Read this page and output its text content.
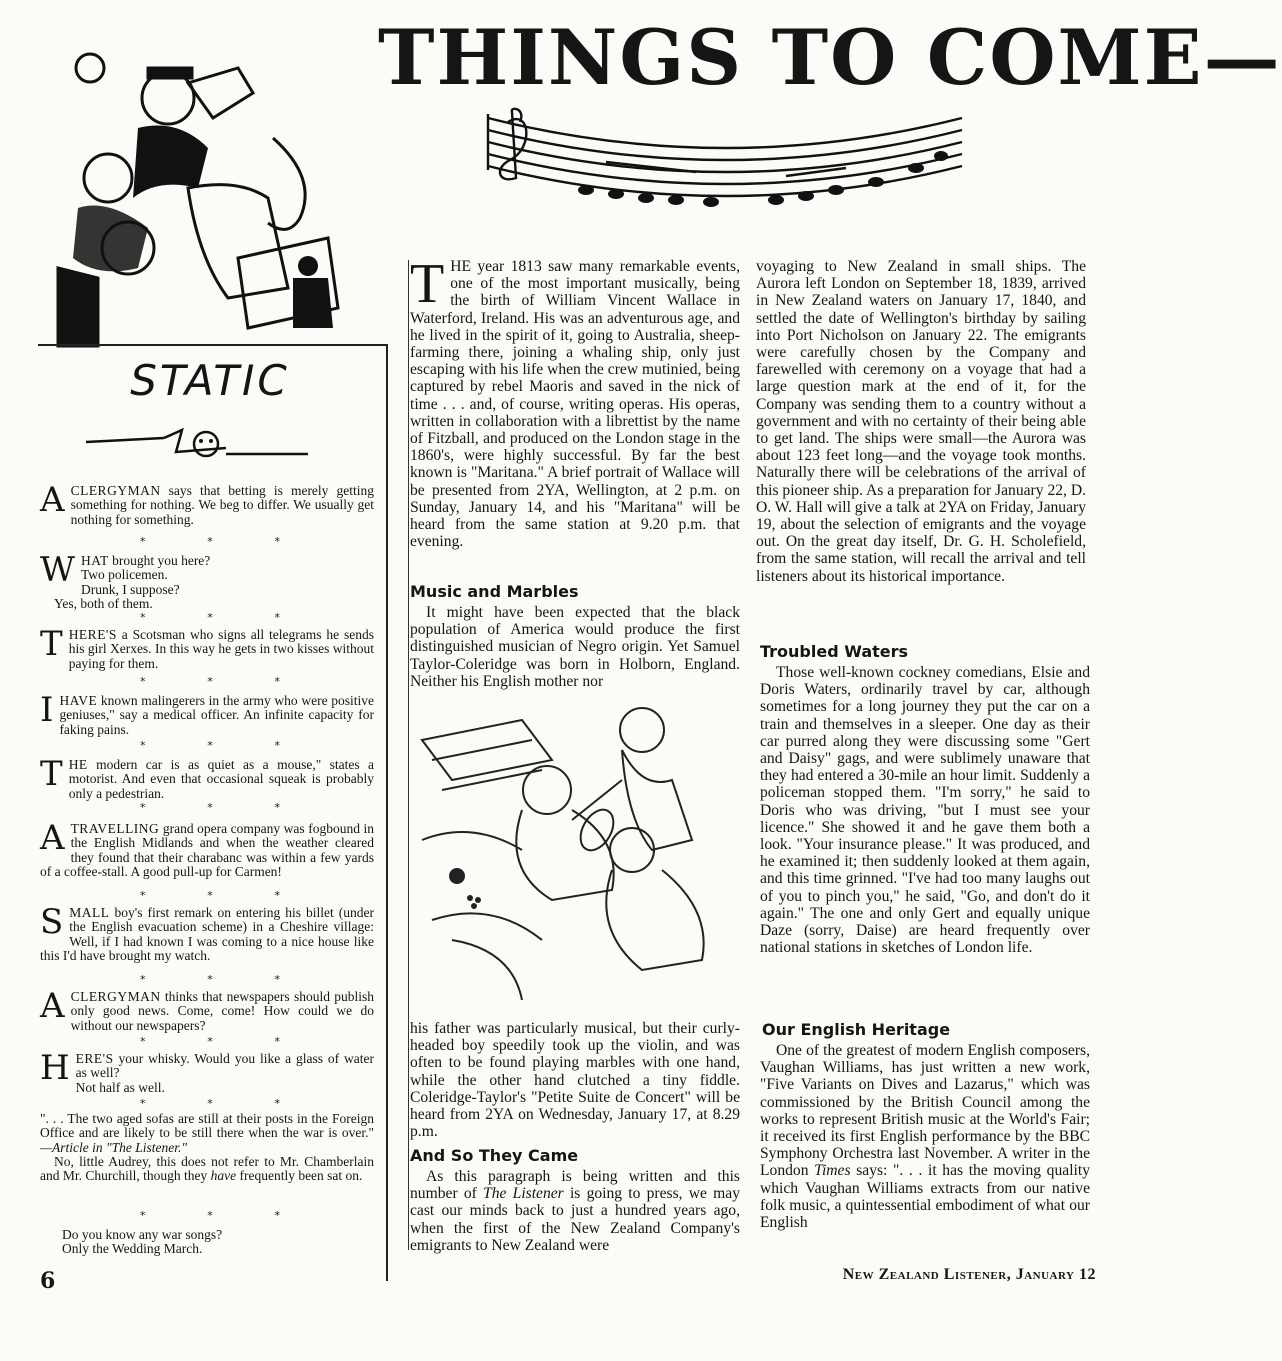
THINGS TO COME—
STATIC

ACLERGYMAN says that betting is merely getting something for nothing. We beg to differ. We usually get nothing for something.

*	*	*

WHAT brought you here?

Two policemen.
Drunk, I suppose?
Yes, both of them.

*	*	*

THERE'S a Scotsman who signs all telegrams he sends his girl Xerxes. In this way he gets in two kisses without paying for them.

*	*	*

IHAVE known malingerers in the army who were positive geniuses," say a medical officer. An infinite capacity for faking pains.

*	*	*

THE modern car is as quiet as a mouse," states a motorist. And even that occasional squeak is probably only a pedestrian.

*	*	*

ATRAVELLING grand opera company was fogbound in the English Midlands and when the weather cleared they found that their charabanc was within a few yards of a coffee-stall. A good pull-up for Carmen!

*	*	*

SMALL boy's first remark on entering his billet (under the English evacuation scheme) in a Cheshire village: Well, if I had known I was coming to a nice house like this I'd have brought my watch.

*	*	*

ACLERGYMAN thinks that newspapers should publish only good news. Come, come! How could we do without our newspapers?

*	*	*

HERE'S your whisky. Would you like a glass of water as well?

Not half as well.

*	*	*

". . . The two aged sofas are still at their posts in the Foreign Office and are likely to be still there when the war is over." —Article in "The Listener."
No, little Audrey, this does not refer to Mr. Chamberlain and Mr. Churchill, though they have frequently been sat on.

*	*	*

Do you know any war songs?
Only the Wedding March.

THE year 1813 saw many remarkable events, one of the most important musically, being the birth of William Vincent Wallace in Waterford, Ireland. His was an adventurous age, and he lived in the spirit of it, going to Australia, sheep-farming there, joining a whaling ship, only just escaping with his life when the crew mutinied, being captured by rebel Maoris and saved in the nick of time . . . and, of course, writing operas. His operas, written in collaboration with a librettist by the name of Fitzball, and produced on the London stage in the 1860's, were highly successful. By far the best known is "Maritana." A brief portrait of Wallace will be presented from 2YA, Wellington, at 2 p.m. on Sunday, January 14, and his "Maritana" will be heard from the same station at 9.20 p.m. that evening.

Music and Marbles

It might have been expected that the black population of America would produce the first distinguished musician of Negro origin. Yet Samuel Taylor-Coleridge was born in Holborn, England. Neither his English mother nor

his father was particularly musical, but their curly-headed boy speedily took up the violin, and was often to be found playing marbles with one hand, while the other hand clutched a tiny fiddle. Coleridge-Taylor's "Petite Suite de Concert" will be heard from 2YA on Wednesday, January 17, at 8.29 p.m.

And So They Came

As this paragraph is being written and this number of The Listener is going to press, we may cast our minds back to just a hundred years ago, when the first of the New Zealand Company's emigrants to New Zealand were

voyaging to New Zealand in small ships. The Aurora left London on September 18, 1839, arrived in New Zealand waters on January 17, 1840, and settled the date of Wellington's birthday by sailing into Port Nicholson on January 22. The emigrants were carefully chosen by the Company and farewelled with ceremony on a voyage that had a large question mark at the end of it, for the Company was sending them to a country without a government and with no certainty of their being able to get land. The ships were small—the Aurora was about 123 feet long—and the voyage took months. Naturally there will be celebrations of the arrival of this pioneer ship. As a preparation for January 22, D. O. W. Hall will give a talk at 2YA on Friday, January 19, about the selection of emigrants and the voyage out. On the great day itself, Dr. G. H. Scholefield, from the same station, will recall the arrival and tell listeners about its historical importance.

Troubled Waters

Those well-known cockney comedians, Elsie and Doris Waters, ordinarily travel by car, although sometimes for a long journey they put the car on a train and themselves in a sleeper. One day as their car purred along they were discussing some "Gert and Daisy" gags, and were sublimely unaware that they had entered a 30-mile an hour limit. Suddenly a policeman stopped them. "I'm sorry," he said to Doris who was driving, "but I must see your licence." She showed it and he gave them both a look. "Your insurance please." It was produced, and he examined it; then suddenly looked at them again, and this time grinned. "I've had too many laughs out of you to pinch you," he said, "Go, and don't do it again." The one and only Gert and equally unique Daze (sorry, Daise) are heard frequently over national stations in sketches of London life.

Our English Heritage

One of the greatest of modern English composers, Vaughan Williams, has just written a new work, "Five Variants on Dives and Lazarus," which was commissioned by the British Council among the works to represent British music at the World's Fair; it received its first English performance by the BBC Symphony Orchestra last November. A writer in the London Times says: ". . . it has the moving quality which Vaughan Williams extracts from our native folk music, a quintessential embodiment of what our English

6	New Zealand Listener, January 12
